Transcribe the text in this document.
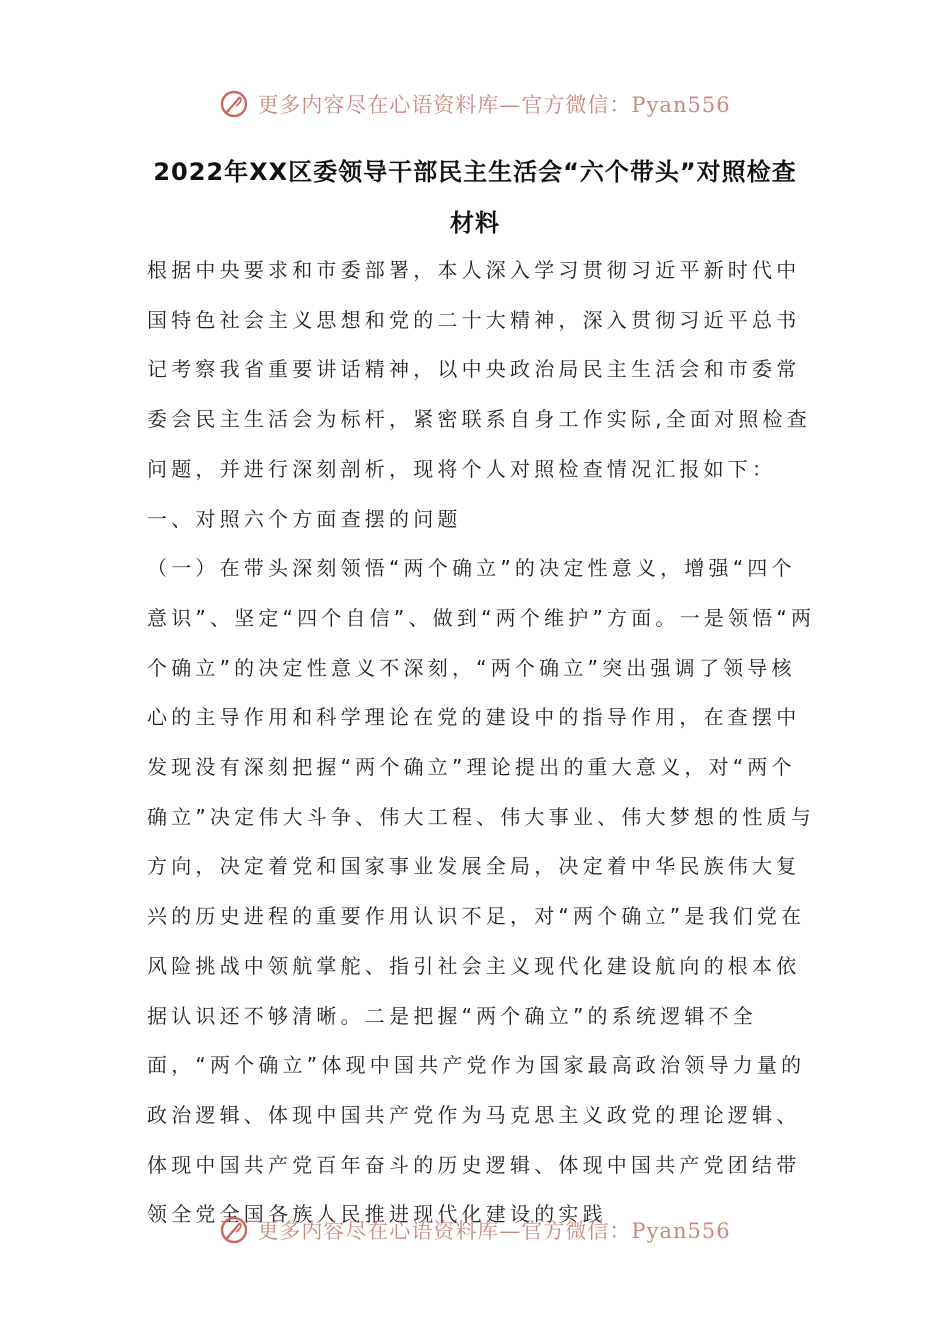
更多内容尽在心语资料库—官方微信：Pyan556
2022年XX区委领导干部民主生活会“六个带头”对照检查
材料

根据中央要求和市委部署，本人深入学习贯彻习近平新时代中国特色社会主义思想和党的二十大精神，深入贯彻习近平总书记考察我省重要讲话精神，以中央政治局民主生活会和市委常委会民主生活会为标杆，紧密联系自身工作实际,全面对照检查问题，并进行深刻剖析，现将个人对照检查情况汇报如下：

一、对照六个方面查摆的问题

（一）在带头深刻领悟“两个确立”的决定性意义，增强“四个意识”、坚定“四个自信”、做到“两个维护”方面。一是领悟“两个确立”的决定性意义不深刻，“两个确立”突出强调了领导核心的主导作用和科学理论在党的建设中的指导作用，在查摆中发现没有深刻把握“两个确立”理论提出的重大意义，对“两个确立”决定伟大斗争、伟大工程、伟大事业、伟大梦想的性质与方向，决定着党和国家事业发展全局，决定着中华民族伟大复兴的历史进程的重要作用认识不足，对“两个确立”是我们党在风险挑战中领航掌舵、指引社会主义现代化建设航向的根本依据认识还不够清晰。二是把握“两个确立”的系统逻辑不全面，“两个确立”体现中国共产党作为国家最高政治领导力量的政治逻辑、体现中国共产党作为马克思主义政党的理论逻辑、体现中国共产党百年奋斗的历史逻辑、体现中国共产党团结带领全党全国各族人民推进现代化建设的实践

更多内容尽在心语资料库—官方微信：Pyan556
